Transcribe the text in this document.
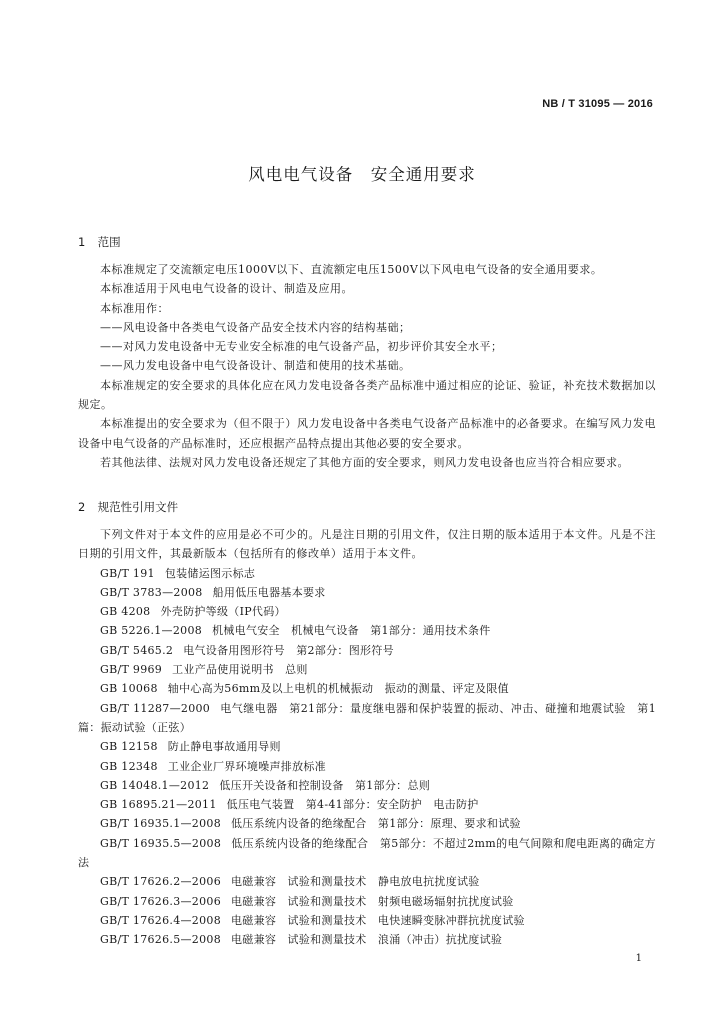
NB / T 31095 — 2016
风电电气设备　安全通用要求
1 范围
本标准规定了交流额定电压1000V以下、直流额定电压1500V以下风电电气设备的安全通用要求。
本标准适用于风电电气设备的设计、制造及应用。
本标准用作：
——风电设备中各类电气设备产品安全技术内容的结构基础；
——对风力发电设备中无专业安全标准的电气设备产品，初步评价其安全水平；
——风力发电设备中电气设备设计、制造和使用的技术基础。
本标准规定的安全要求的具体化应在风力发电设备各类产品标准中通过相应的论证、验证，补充技术数据加以规定。
本标准提出的安全要求为（但不限于）风力发电设备中各类电气设备产品标准中的必备要求。在编写风力发电设备中电气设备的产品标准时，还应根据产品特点提出其他必要的安全要求。
若其他法律、法规对风力发电设备还规定了其他方面的安全要求，则风力发电设备也应当符合相应要求。
2 规范性引用文件
下列文件对于本文件的应用是必不可少的。凡是注日期的引用文件，仅注日期的版本适用于本文件。凡是不注日期的引用文件，其最新版本（包括所有的修改单）适用于本文件。
GB/T 191 包装储运图示标志
GB/T 3783—2008 船用低压电器基本要求
GB 4208 外壳防护等级（IP代码）
GB 5226.1—2008 机械电气安全　机械电气设备　第1部分：通用技术条件
GB/T 5465.2 电气设备用图形符号　第2部分：图形符号
GB/T 9969 工业产品使用说明书　总则
GB 10068 轴中心高为56mm及以上电机的机械振动　振动的测量、评定及限值
GB/T 11287—2000 电气继电器　第21部分：量度继电器和保护装置的振动、冲击、碰撞和地震试验　第1篇：振动试验（正弦）
GB 12158 防止静电事故通用导则
GB 12348 工业企业厂界环境噪声排放标准
GB 14048.1—2012 低压开关设备和控制设备　第1部分：总则
GB 16895.21—2011 低压电气装置　第4-41部分：安全防护　电击防护
GB/T 16935.1—2008 低压系统内设备的绝缘配合　第1部分：原理、要求和试验
GB/T 16935.5—2008 低压系统内设备的绝缘配合　第5部分：不超过2mm的电气间隙和爬电距离的确定方法
GB/T 17626.2—2006 电磁兼容　试验和测量技术　静电放电抗扰度试验
GB/T 17626.3—2006 电磁兼容　试验和测量技术　射频电磁场辐射抗扰度试验
GB/T 17626.4—2008 电磁兼容　试验和测量技术　电快速瞬变脉冲群抗扰度试验
GB/T 17626.5—2008 电磁兼容　试验和测量技术　浪涌（冲击）抗扰度试验
1
